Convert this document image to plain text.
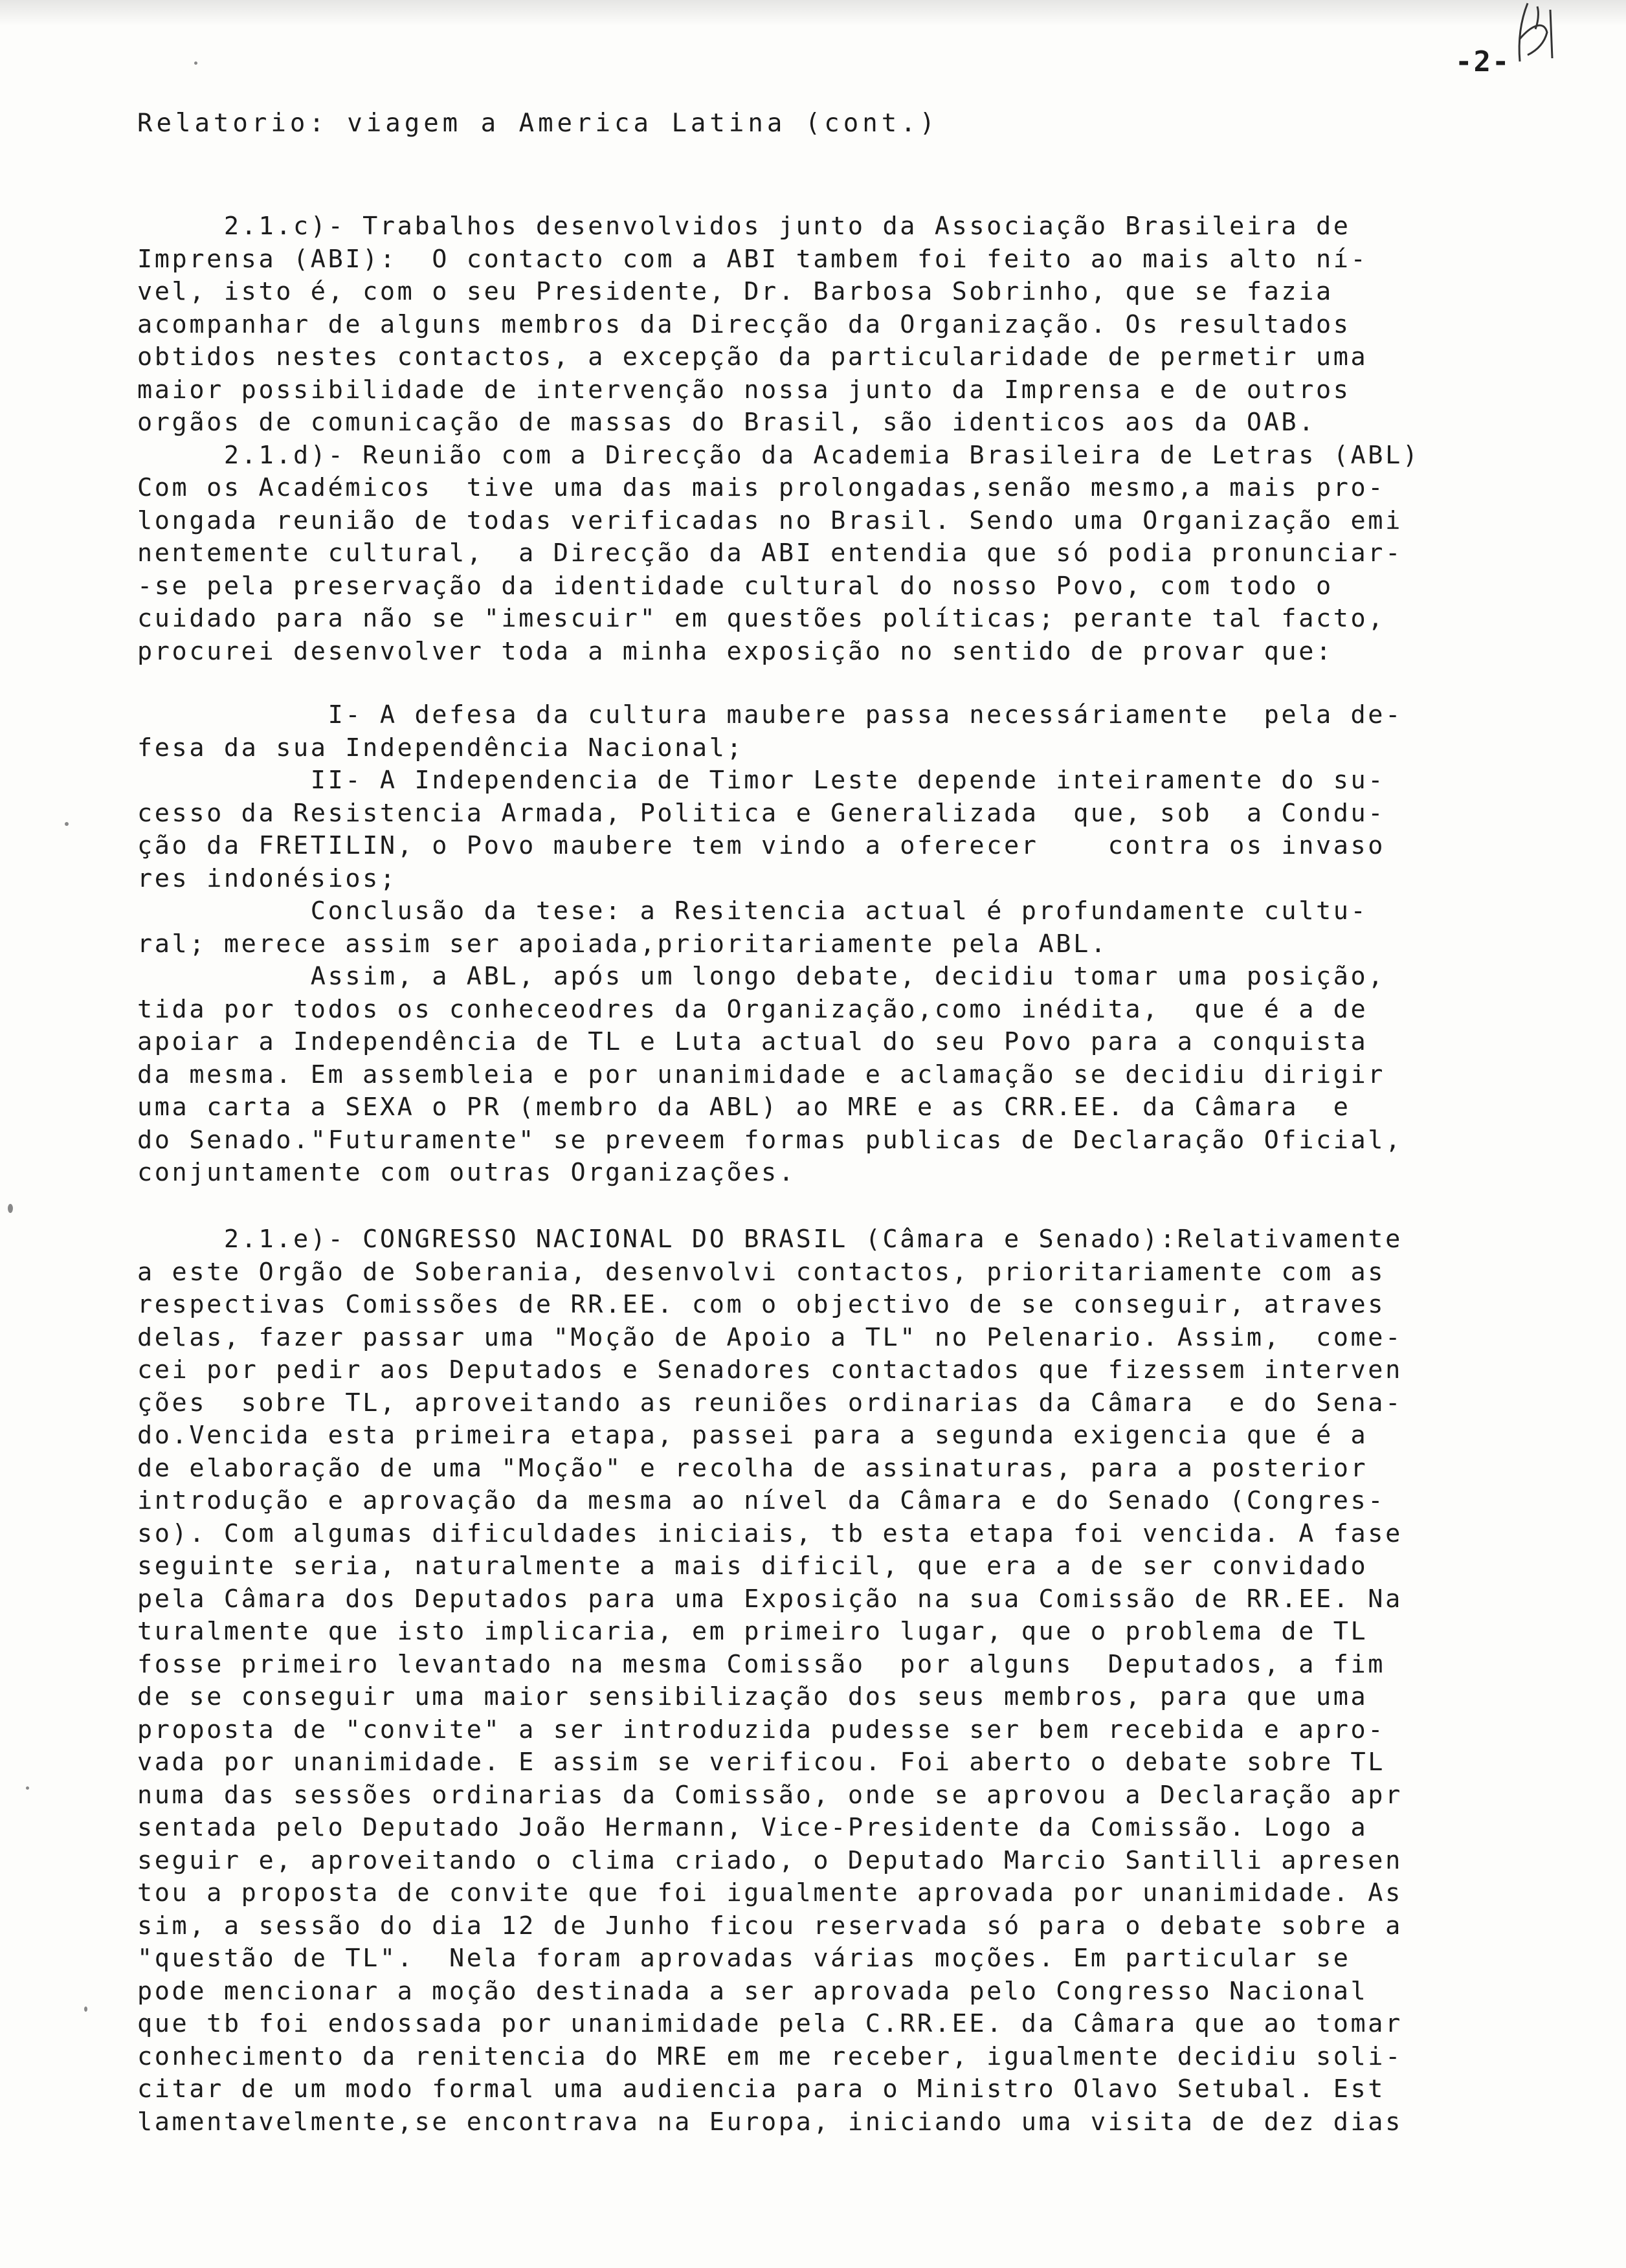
-2-
Relatorio: viagem a America Latina (cont.)
2.1.c)- Trabalhos desenvolvidos junto da Associação Brasileira de
Imprensa (ABI):  O contacto com a ABI tambem foi feito ao mais alto ní-
vel, isto é, com o seu Presidente, Dr. Barbosa Sobrinho, que se fazia
acompanhar de alguns membros da Direcção da Organização. Os resultados
obtidos nestes contactos, a excepção da particularidade de permetir uma
maior possibilidade de intervenção nossa junto da Imprensa e de outros
orgãos de comunicação de massas do Brasil, são identicos aos da OAB.
2.1.d)- Reunião com a Direcção da Academia Brasileira de Letras (ABL)
Com os Académicos  tive uma das mais prolongadas,senão mesmo,a mais pro-
longada reunião de todas verificadas no Brasil. Sendo uma Organização emi
nentemente cultural,  a Direcção da ABI entendia que só podia pronunciar-
-se pela preservação da identidade cultural do nosso Povo, com todo o
cuidado para não se "imescuir" em questões políticas; perante tal facto,
procurei desenvolver toda a minha exposição no sentido de provar que:
I- A defesa da cultura maubere passa necessáriamente  pela de-
fesa da sua Independência Nacional;
II- A Independencia de Timor Leste depende inteiramente do su-
cesso da Resistencia Armada, Politica e Generalizada  que, sob  a Condu-
ção da FRETILIN, o Povo maubere tem vindo a oferecer    contra os invaso
res indonésios;
Conclusão da tese: a Resitencia actual é profundamente cultu-
ral; merece assim ser apoiada,prioritariamente pela ABL.
Assim, a ABL, após um longo debate, decidiu tomar uma posição,
tida por todos os conheceodres da Organização,como inédita,  que é a de
apoiar a Independência de TL e Luta actual do seu Povo para a conquista
da mesma. Em assembleia e por unanimidade e aclamação se decidiu dirigir
uma carta a SEXA o PR (membro da ABL) ao MRE e as CRR.EE. da Câmara  e
do Senado."Futuramente" se preveem formas publicas de Declaração Oficial,
conjuntamente com outras Organizações.
2.1.e)- CONGRESSO NACIONAL DO BRASIL (Câmara e Senado):Relativamente
a este Orgão de Soberania, desenvolvi contactos, prioritariamente com as
respectivas Comissões de RR.EE. com o objectivo de se conseguir, atraves
delas, fazer passar uma "Moção de Apoio a TL" no Pelenario. Assim,  come-
cei por pedir aos Deputados e Senadores contactados que fizessem interven
ções  sobre TL, aproveitando as reuniões ordinarias da Câmara  e do Sena-
do.Vencida esta primeira etapa, passei para a segunda exigencia que é a
de elaboração de uma "Moção" e recolha de assinaturas, para a posterior
introdução e aprovação da mesma ao nível da Câmara e do Senado (Congres-
so). Com algumas dificuldades iniciais, tb esta etapa foi vencida. A fase
seguinte seria, naturalmente a mais dificil, que era a de ser convidado
pela Câmara dos Deputados para uma Exposição na sua Comissão de RR.EE. Na
turalmente que isto implicaria, em primeiro lugar, que o problema de TL
fosse primeiro levantado na mesma Comissão  por alguns  Deputados, a fim
de se conseguir uma maior sensibilização dos seus membros, para que uma
proposta de "convite" a ser introduzida pudesse ser bem recebida e apro-
vada por unanimidade. E assim se verificou. Foi aberto o debate sobre TL
numa das sessões ordinarias da Comissão, onde se aprovou a Declaração apr
sentada pelo Deputado João Hermann, Vice-Presidente da Comissão. Logo a
seguir e, aproveitando o clima criado, o Deputado Marcio Santilli apresen
tou a proposta de convite que foi igualmente aprovada por unanimidade. As
sim, a sessão do dia 12 de Junho ficou reservada só para o debate sobre a
"questão de TL".  Nela foram aprovadas várias moções. Em particular se
pode mencionar a moção destinada a ser aprovada pelo Congresso Nacional
que tb foi endossada por unanimidade pela C.RR.EE. da Câmara que ao tomar
conhecimento da renitencia do MRE em me receber, igualmente decidiu soli-
citar de um modo formal uma audiencia para o Ministro Olavo Setubal. Est
lamentavelmente,se encontrava na Europa, iniciando uma visita de dez dias
